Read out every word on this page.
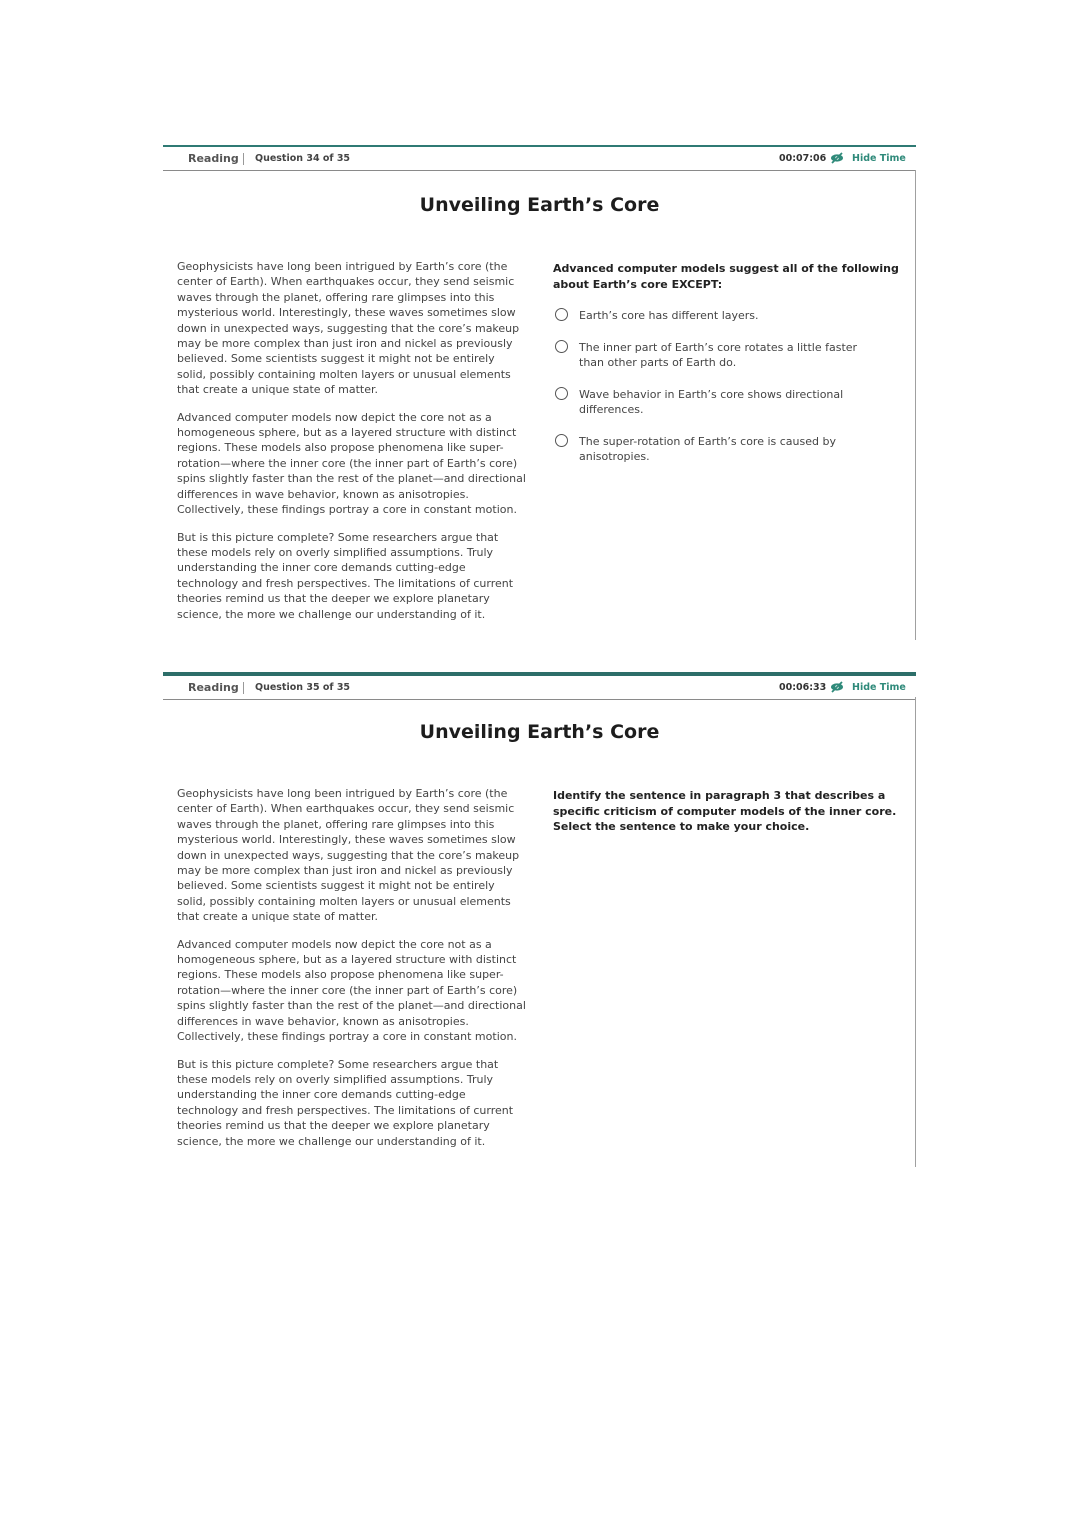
Reading Question 34 of 35	00:07:06	Hide Time
Unveiling Earth’s Core

Geophysicists have long been intrigued by Earth’s core (the center of Earth). When earthquakes occur, they send seismic waves through the planet, offering rare glimpses into this mysterious world. Interestingly, these waves sometimes slow down in unexpected ways, suggesting that the core’s makeup may be more complex than just iron and nickel as previously believed. Some scientists suggest it might not be entirely solid, possibly containing molten layers or unusual elements that create a unique state of matter.

Advanced computer models now depict the core not as a homogeneous sphere, but as a layered structure with distinct regions. These models also propose phenomena like super-rotation—where the inner core (the inner part of Earth’s core) spins slightly faster than the rest of the planet—and directional differences in wave behavior, known as anisotropies. Collectively, these findings portray a core in constant motion.

But is this picture complete? Some researchers argue that these models rely on overly simplified assumptions. Truly understanding the inner core demands cutting-edge technology and fresh perspectives. The limitations of current theories remind us that the deeper we explore planetary science, the more we challenge our understanding of it.

Advanced computer models suggest all of the following about Earth’s core EXCEPT:

Earth’s core has different layers.
The inner part of Earth’s core rotates a little faster than other parts of Earth do.
Wave behavior in Earth’s core shows directional differences.
The super-rotation of Earth’s core is caused by anisotropies.
Reading Question 35 of 35	00:06:33	Hide Time
Unveiling Earth’s Core

Geophysicists have long been intrigued by Earth’s core (the center of Earth). When earthquakes occur, they send seismic waves through the planet, offering rare glimpses into this mysterious world. Interestingly, these waves sometimes slow down in unexpected ways, suggesting that the core’s makeup may be more complex than just iron and nickel as previously believed. Some scientists suggest it might not be entirely solid, possibly containing molten layers or unusual elements that create a unique state of matter.

Advanced computer models now depict the core not as a homogeneous sphere, but as a layered structure with distinct regions. These models also propose phenomena like super-rotation—where the inner core (the inner part of Earth’s core) spins slightly faster than the rest of the planet—and directional differences in wave behavior, known as anisotropies. Collectively, these findings portray a core in constant motion.

But is this picture complete? Some researchers argue that these models rely on overly simplified assumptions. Truly understanding the inner core demands cutting-edge technology and fresh perspectives. The limitations of current theories remind us that the deeper we explore planetary science, the more we challenge our understanding of it.

Identify the sentence in paragraph 3 that describes a specific criticism of computer models of the inner core. Select the sentence to make your choice.
